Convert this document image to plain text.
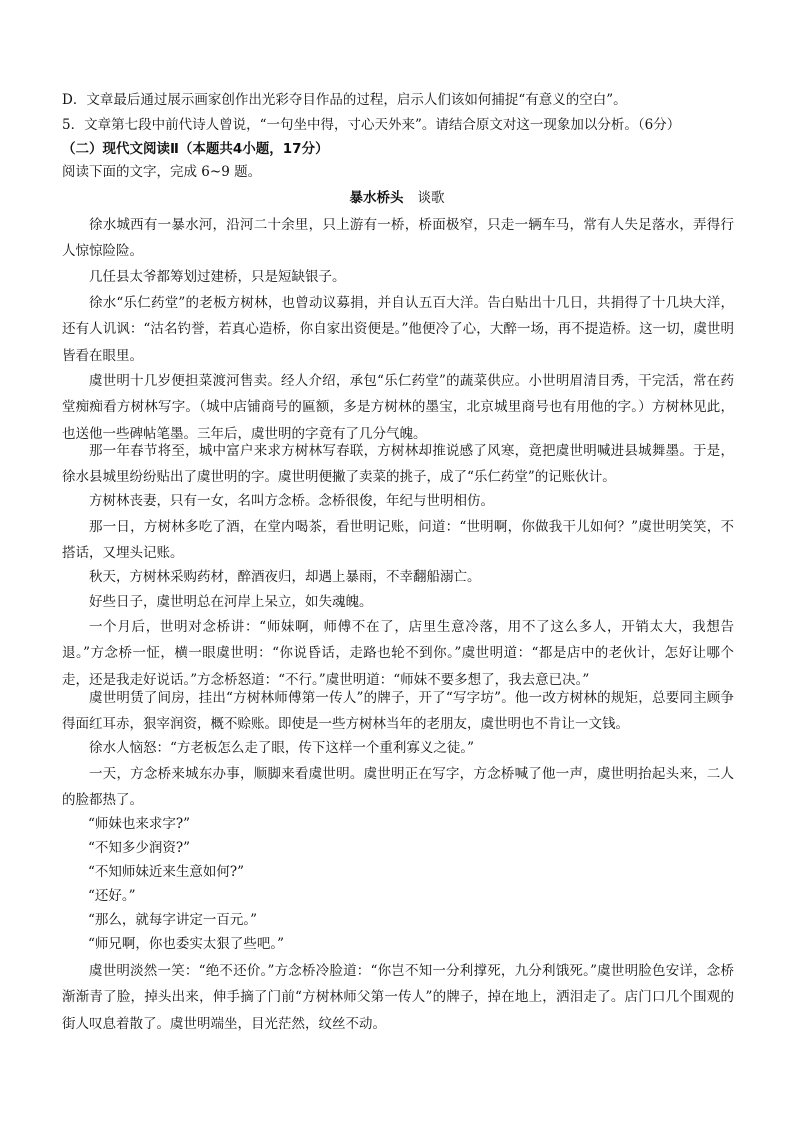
D．文章最后通过展示画家创作出光彩夺目作品的过程，启示人们该如何捕捉“有意义的空白”。
5．文章第七段中前代诗人曾说，“一句坐中得，寸心天外来”。请结合原文对这一现象加以分析。（6分）
（二）现代文阅读Ⅱ（本题共4小题，17分）
阅读下面的文字，完成 6~9 题。
暴水桥头 谈歌
徐水城西有一暴水河，沿河二十余里，只上游有一桥，桥面极窄，只走一辆车马，常有人失足落水，弄得行人惊惊险险。
几任县太爷都筹划过建桥，只是短缺银子。
徐水“乐仁药堂”的老板方树林，也曾动议募捐，并自认五百大洋。告白贴出十几日，共捐得了十几块大洋，还有人讥讽：“沽名钓誉，若真心造桥，你自家出资便是。”他便冷了心，大醉一场，再不提造桥。这一切，虞世明皆看在眼里。
虞世明十几岁便担菜渡河售卖。经人介绍，承包“乐仁药堂”的蔬菜供应。小世明眉清目秀，干完活，常在药堂痴痴看方树林写字。（城中店铺商号的匾额，多是方树林的墨宝，北京城里商号也有用他的字。）方树林见此，也送他一些碑帖笔墨。三年后，虞世明的字竟有了几分气魄。
那一年春节将至，城中富户来求方树林写春联，方树林却推说感了风寒，竟把虞世明喊进县城舞墨。于是，徐水县城里纷纷贴出了虞世明的字。虞世明便撇了卖菜的挑子，成了“乐仁药堂”的记账伙计。
方树林丧妻，只有一女，名叫方念桥。念桥很俊，年纪与世明相仿。
那一日，方树林多吃了酒，在堂内喝茶，看世明记账，问道：“世明啊，你做我干儿如何？”虞世明笑笑，不搭话，又埋头记账。
秋天，方树林采购药材，醉酒夜归，却遇上暴雨，不幸翻船溺亡。
好些日子，虞世明总在河岸上呆立，如失魂魄。
一个月后，世明对念桥讲：“师妹啊，师傅不在了，店里生意冷落，用不了这么多人，开销太大，我想告退。”方念桥一怔，横一眼虞世明：“你说昏话，走路也轮不到你。”虞世明道：“都是店中的老伙计，怎好让哪个走，还是我走好说话。”方念桥怒道：“不行。”虞世明道：“师妹不要多想了，我去意已决。”
虞世明赁了间房，挂出“方树林师傅第一传人”的牌子，开了“写字坊”。他一改方树林的规矩，总要同主顾争得面红耳赤，狠宰润资，概不赊账。即使是一些方树林当年的老朋友，虞世明也不肯让一文钱。
徐水人恼怒：“方老板怎么走了眼，传下这样一个重利寡义之徒。”
一天，方念桥来城东办事，顺脚来看虞世明。虞世明正在写字，方念桥喊了他一声，虞世明抬起头来，二人的脸都热了。
“师妹也来求字?”
“不知多少润资?”
“不知师妹近来生意如何?”
“还好。”
“那么，就每字讲定一百元。”
“师兄啊，你也委实太狠了些吧。”
虞世明淡然一笑：“绝不还价。”方念桥冷脸道：“你岂不知一分利撑死，九分利饿死。”虞世明脸色安详，念桥渐渐青了脸，掉头出来，伸手摘了门前“方树林师父第一传人”的牌子，掉在地上，洒泪走了。店门口几个围观的街人叹息着散了。虞世明端坐，目光茫然，纹丝不动。
